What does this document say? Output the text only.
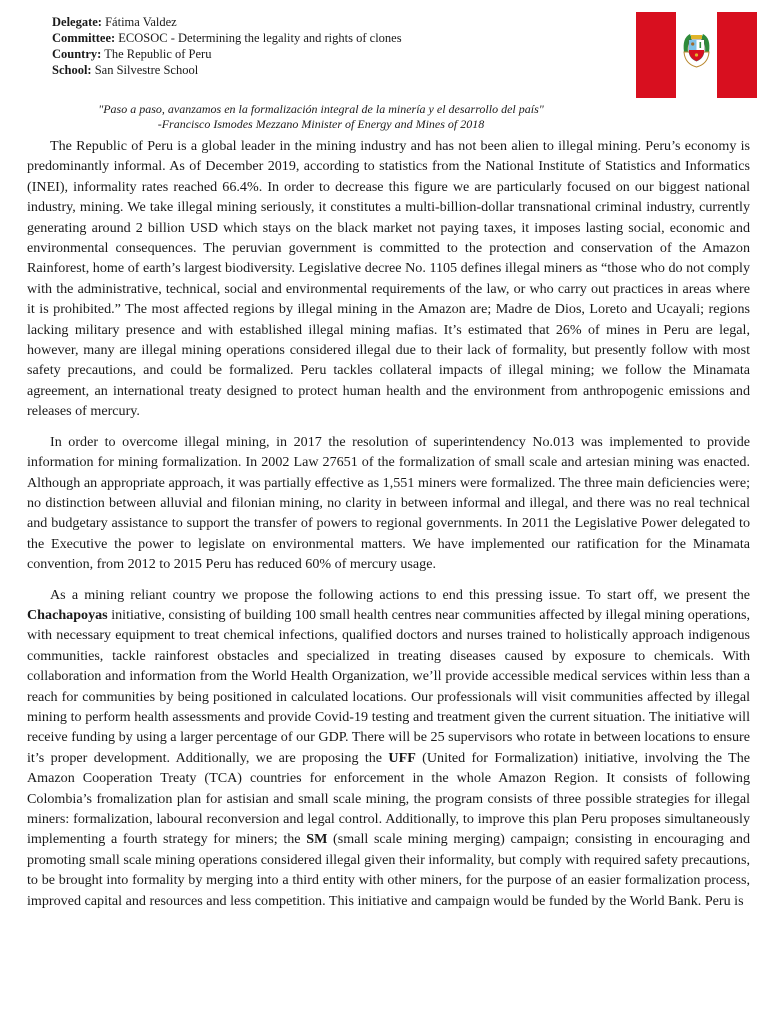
Delegate: Fátima Valdez
Committee: ECOSOC - Determining the legality and rights of clones
Country: The Republic of Peru
School: San Silvestre School
"Paso a paso, avanzamos en la formalización integral de la minería y el desarrollo del país"
-Francisco Ismodes Mezzano Minister of Energy and Mines of 2018

The Republic of Peru is a global leader in the mining industry and has not been alien to illegal mining. Peru’s economy is predominantly informal. As of December 2019, according to statistics from the National Institute of Statistics and Informatics (INEI), informality rates reached 66.4%. In order to decrease this figure we are particularly focused on our biggest national industry, mining. We take illegal mining seriously, it constitutes a multi-billion-dollar transnational criminal industry, currently generating around 2 billion USD which stays on the black market not paying taxes, it imposes lasting social, economic and environmental consequences. The peruvian government is committed to the protection and conservation of the Amazon Rainforest, home of earth’s largest biodiversity. Legislative decree No. 1105 defines illegal miners as “those who do not comply with the administrative, technical, social and environmental requirements of the law, or who carry out practices in areas where it is prohibited.” The most affected regions by illegal mining in the Amazon are; Madre de Dios, Loreto and Ucayali; regions lacking military presence and with established illegal mining mafias. It’s estimated that 26% of mines in Peru are legal, however, many are illegal mining operations considered illegal due to their lack of formality, but presently follow with most safety precautions, and could be formalized. Peru tackles collateral impacts of illegal mining; we follow the Minamata agreement, an international treaty designed to protect human health and the environment from anthropogenic emissions and releases of mercury.

In order to overcome illegal mining, in 2017 the resolution of superintendency No.013 was implemented to provide information for mining formalization. In 2002 Law 27651 of the formalization of small scale and artesian mining was enacted. Although an appropriate approach, it was partially effective as 1,551 miners were formalized. The three main deficiencies were; no distinction between alluvial and filonian mining, no clarity in between informal and illegal, and there was no real technical and budgetary assistance to support the transfer of powers to regional governments. In 2011 the Legislative Power delegated to the Executive the power to legislate on environmental matters. We have implemented our ratification for the Minamata convention, from 2012 to 2015 Peru has reduced 60% of mercury usage.

As a mining reliant country we propose the following actions to end this pressing issue. To start off, we present the Chachapoyas initiative, consisting of building 100 small health centres near communities affected by illegal mining operations, with necessary equipment to treat chemical infections, qualified doctors and nurses trained to holistically approach indigenous communities, tackle rainforest obstacles and specialized in treating diseases caused by exposure to chemicals. With collaboration and information from the World Health Organization, we’ll provide accessible medical services within less than a reach for communities by being positioned in calculated locations. Our professionals will visit communities affected by illegal mining to perform health assessments and provide Covid-19 testing and treatment given the current situation. The initiative will receive funding by using a larger percentage of our GDP. There will be 25 supervisors who rotate in between locations to ensure it’s proper development. Additionally, we are proposing the UFF (United for Formalization) initiative, involving the The Amazon Cooperation Treaty (TCA) countries for enforcement in the whole Amazon Region. It consists of following Colombia’s fromalization plan for astisian and small scale mining, the program consists of three possible strategies for illegal miners: formalization, laboural reconversion and legal control. Additionally, to improve this plan Peru proposes simultaneously implementing a fourth strategy for miners; the SM (small scale mining merging) campaign; consisting in encouraging and promoting small scale mining operations considered illegal given their informality, but comply with required safety precautions, to be brought into formality by merging into a third entity with other miners, for the purpose of an easier formalization process, improved capital and resources and less competition. This initiative and campaign would be funded by the World Bank. Peru is
